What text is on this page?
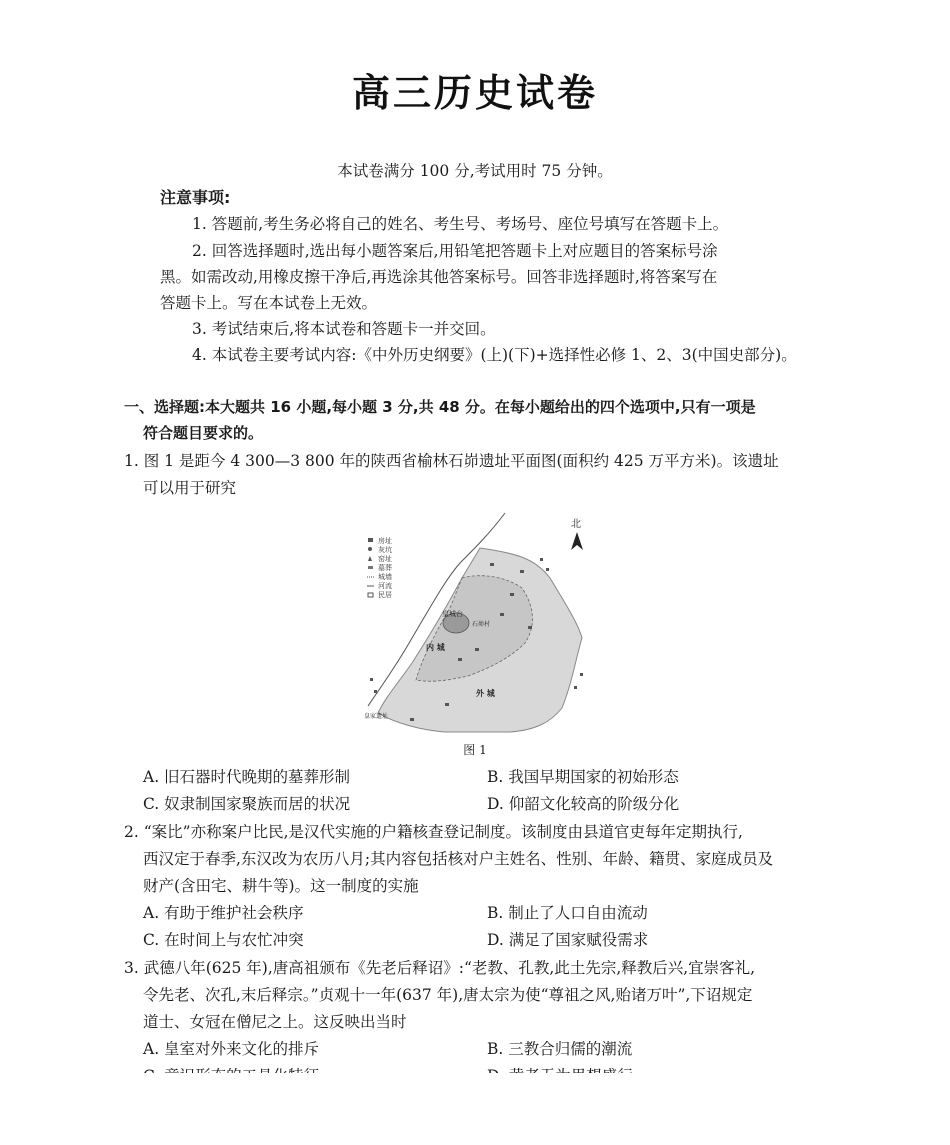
高三历史试卷
本试卷满分 100 分,考试用时 75 分钟。
注意事项:
1. 答题前,考生务必将自己的姓名、考生号、考场号、座位号填写在答题卡上。
2. 回答选择题时,选出每小题答案后,用铅笔把答题卡上对应题目的答案标号涂
黑。如需改动,用橡皮擦干净后,再选涂其他答案标号。回答非选择题时,将答案写在
答题卡上。写在本试卷上无效。
3. 考试结束后,将本试卷和答题卡一并交回。
4. 本试卷主要考试内容:《中外历史纲要》(上)(下)+选择性必修 1、2、3(中国史部分)。
一、选择题:本大题共 16 小题,每小题 3 分,共 48 分。在每小题给出的四个选项中,只有一项是
符合题目要求的。
1. 图 1 是距今 4 300—3 800 年的陕西省榆林石峁遗址平面图(面积约 425 万平方米)。该遗址
可以用于研究
房址
灰坑
窑址
墓葬
城墙
河流
民居
北
皇城台
石峁村
内 城
外 城
皇家遗址
图 1
A. 旧石器时代晚期的墓葬形制	B. 我国早期国家的初始形态
C. 奴隶制国家聚族而居的状况	D. 仰韶文化较高的阶级分化
2. “案比”亦称案户比民,是汉代实施的户籍核查登记制度。该制度由县道官吏每年定期执行,
西汉定于春季,东汉改为农历八月;其内容包括核对户主姓名、性别、年龄、籍贯、家庭成员及
财产(含田宅、耕牛等)。这一制度的实施
A. 有助于维护社会秩序	B. 制止了人口自由流动
C. 在时间上与农忙冲突	D. 满足了国家赋役需求
3. 武德八年(625 年),唐高祖颁布《先老后释诏》:“老教、孔教,此土先宗,释教后兴,宜崇客礼,
令先老、次孔,末后释宗。”贞观十一年(637 年),唐太宗为使“尊祖之风,贻诸万叶”,下诏规定
道士、女冠在僧尼之上。这反映出当时
A. 皇室对外来文化的排斥	B. 三教合归儒的潮流
